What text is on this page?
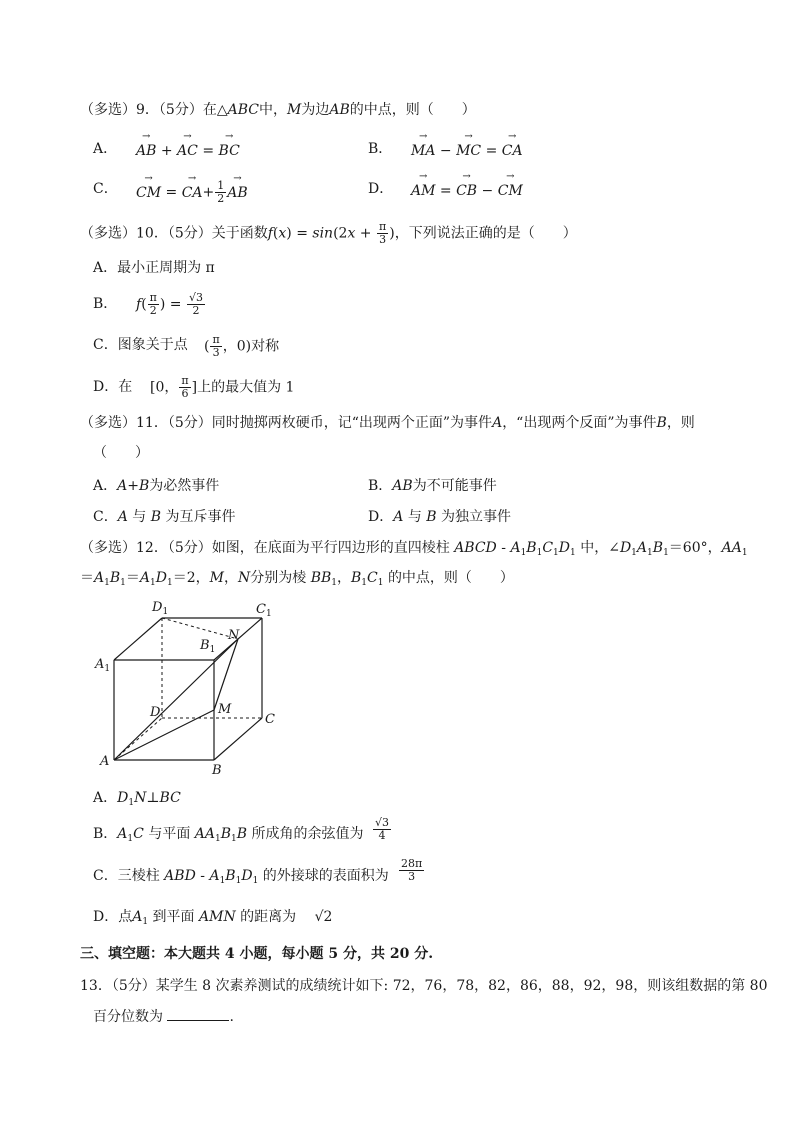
（多选）9．（5分）在△ABC中，M为边AB的中点，则（　　）
A． → AB + → AC = → BC	B． → MA − → MC = → CA
C． → CM = → $CA+ \frac{1}{2}$ → AB	D． → AM = → CB − → CM
（多选）10．（5分）关于函数$f(x) = \sin(2x + \frac{\pi}{3}$ )，下列说法正确的是（　　）
A．最小正周期为 π
B． $f( \frac{\pi}{2}$ ) = $\frac{√3}{2}$
C．图象关于点 ( $\frac{\pi}{3}$ ，0)对称
D．在 [0， $\frac{\pi}{6}$ ]上的最大值为 1
（多选）11．（5分）同时抛掷两枚硬币，记“出现两个正面”为事件A，“出现两个反面”为事件B，则
（　　）
A．A+B为必然事件	B．AB为不可能事件
C．A 与 B 为互斥事件	D．A 与 B 为独立事件
（多选）12．（5分）如图，在底面为平行四边形的直四棱柱 ABCD - $A_1B_1C_1D_1$ 中，$\angle D_1A_1B_1=60^\circ$，$AA_1$
$=A_1B_1=A_1D_1=2$，M，N分别为棱 $BB_1$，$B_1C_1$ 的中点，则（　　）
$D_1$	$C_1$
$A_1$
$B_1$
N
D	M
C
A
B
A．$D_1N\perp BC$
B．$A_1C$ 与平面 $AA_1B_1B$ 所成角的余弦值为 $\frac{√3}{4}$
C．三棱柱 ABD - $A_1B_1D_1$ 的外接球的表面积为 $\frac{28\pi}{3}$
D．点$A_1$ 到平面 AMN 的距离为　 √2
三、填空题：本大题共 4 小题，每小题 5 分，共 20 分.
13．（5分）某学生 8 次素养测试的成绩统计如下: 72，76，78，82，86，88，92，98，则该组数据的第 80
百分位数为	.
